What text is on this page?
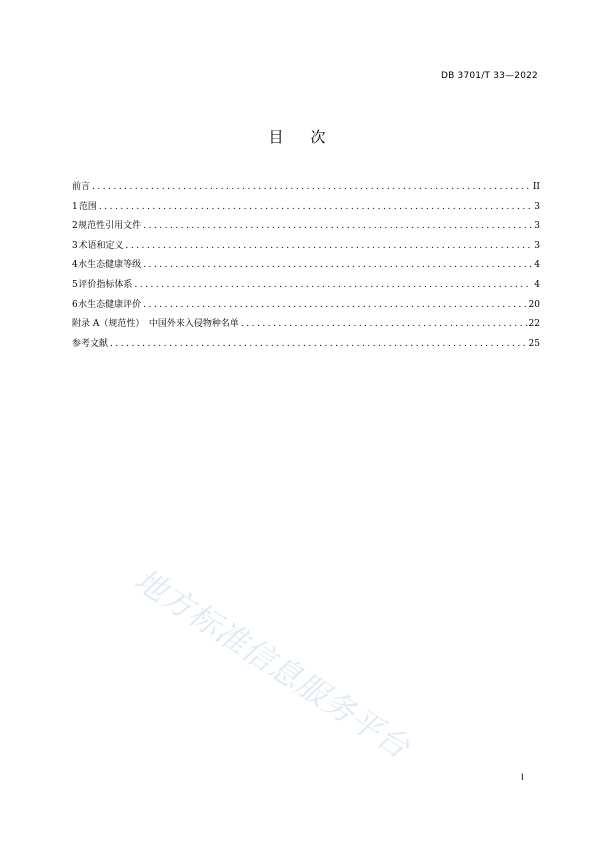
DB 3701/T 33—2022
目 次
前言 .....	II
1 范围 .....	3
2 规范性引用文件 .....	3
3 术语和定义 .....	3
4 水生态健康等级 .....	4
5 评价指标体系 .....	4
6 水生态健康评价 .....	20
附录 A（规范性）　中国外来入侵物种名单 .....	22
参考文献 .....	25
地方标准信息服务平台
I
